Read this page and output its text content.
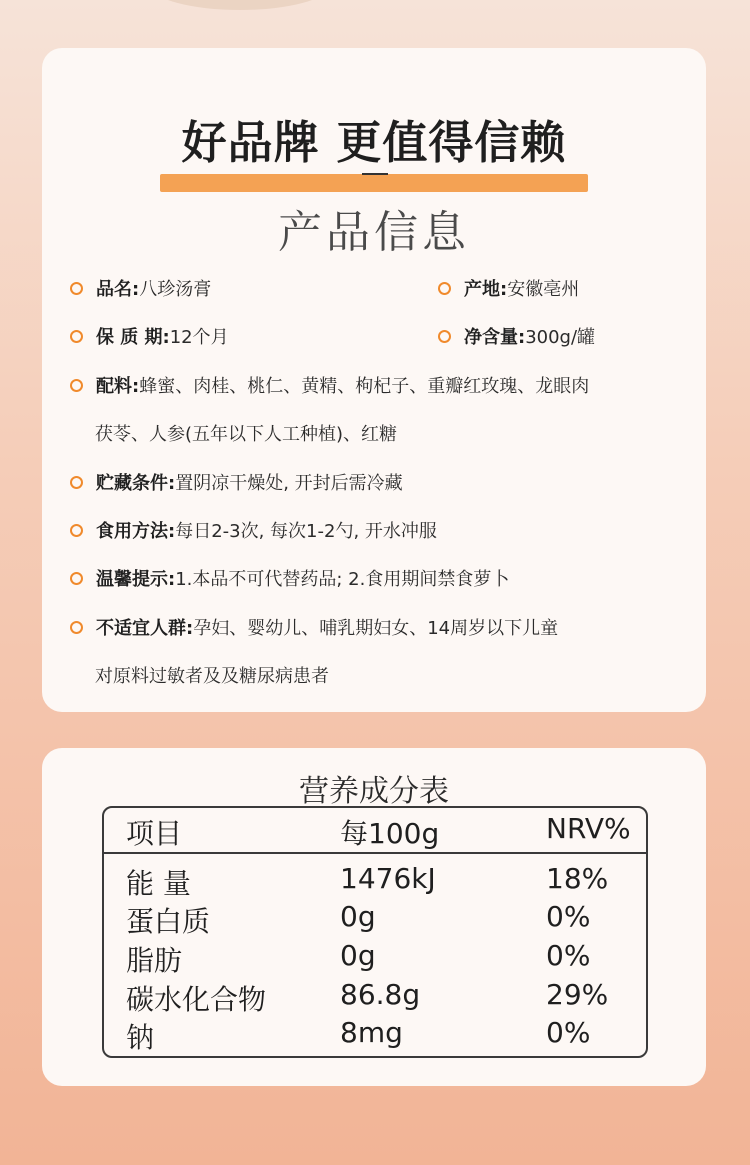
好品牌 更值得信赖
产品信息
品名:八珍汤膏	产地:安徽亳州
保 质 期:12个月	净含量:300g/罐
配料:蜂蜜、肉桂、桃仁、黄精、枸杞子、重瓣红玫瑰、龙眼肉
茯苓、人参(五年以下人工种植)、红糖
贮藏条件:置阴凉干燥处, 开封后需冷藏
食用方法:每日2-3次, 每次1-2勺, 开水冲服
温馨提示:1.本品不可代替药品; 2.食用期间禁食萝卜
不适宜人群:孕妇、婴幼儿、哺乳期妇女、14周岁以下儿童
对原料过敏者及及糖尿病患者
营养成分表
项目	每100g	NRV%
能 量	1476kJ	18%
蛋白质	0g	0%
脂肪	0g	0%
碳水化合物	86.8g	29%
钠	8mg	0%
